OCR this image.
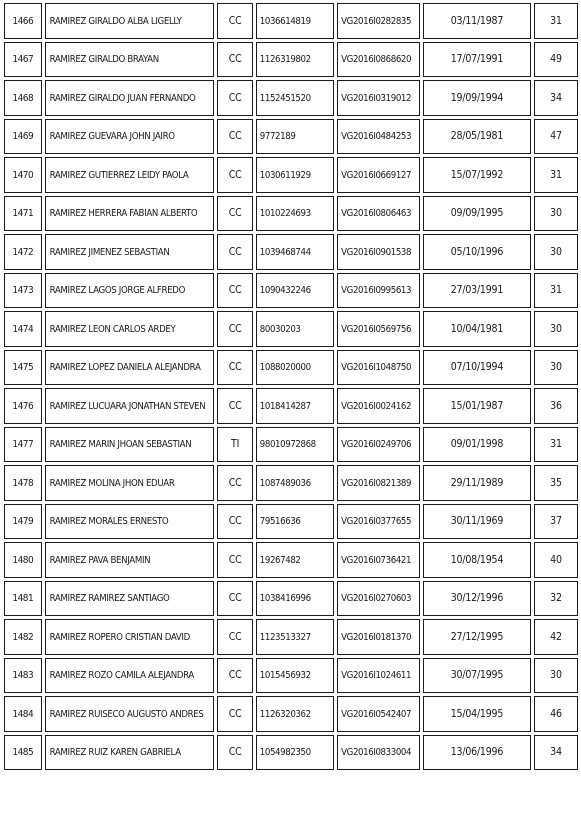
1466	RAMIREZ GIRALDO ALBA LIGELLY	CC	1036614819	VG2016I0282835	03/11/1987	31
1467	RAMIREZ GIRALDO BRAYAN	CC	1126319802	VG2016I0868620	17/07/1991	49
1468	RAMIREZ GIRALDO JUAN FERNANDO	CC	1152451520	VG2016I0319012	19/09/1994	34
1469	RAMIREZ GUEVARA JOHN JAIRO	CC	9772189	VG2016I0484253	28/05/1981	47
1470	RAMIREZ GUTIERREZ LEIDY PAOLA	CC	1030611929	VG2016I0669127	15/07/1992	31
1471	RAMIREZ HERRERA FABIAN ALBERTO	CC	1010224693	VG2016I0806463	09/09/1995	30
1472	RAMIREZ JIMENEZ SEBASTIAN	CC	1039468744	VG2016I0901538	05/10/1996	30
1473	RAMIREZ LAGOS JORGE ALFREDO	CC	1090432246	VG2016I0995613	27/03/1991	31
1474	RAMIREZ LEON CARLOS ARDEY	CC	80030203	VG2016I0569756	10/04/1981	30
1475	RAMIREZ LOPEZ DANIELA ALEJANDRA	CC	1088020000	VG2016I1048750	07/10/1994	30
1476	RAMIREZ LUCUARA JONATHAN STEVEN	CC	1018414287	VG2016I0024162	15/01/1987	36
1477	RAMIREZ MARIN JHOAN SEBASTIAN	TI	98010972868	VG2016I0249706	09/01/1998	31
1478	RAMIREZ MOLINA JHON EDUAR	CC	1087489036	VG2016I0821389	29/11/1989	35
1479	RAMIREZ MORALES ERNESTO	CC	79516636	VG2016I0377655	30/11/1969	37
1480	RAMIREZ PAVA BENJAMIN	CC	19267482	VG2016I0736421	10/08/1954	40
1481	RAMIREZ RAMIREZ SANTIAGO	CC	1038416996	VG2016I0270603	30/12/1996	32
1482	RAMIREZ ROPERO CRISTIAN DAVID	CC	1123513327	VG2016I0181370	27/12/1995	42
1483	RAMIREZ ROZO CAMILA ALEJANDRA	CC	1015456932	VG2016I1024611	30/07/1995	30
1484	RAMIREZ RUISECO AUGUSTO ANDRES	CC	1126320362	VG2016I0542407	15/04/1995	46
1485	RAMIREZ RUIZ KAREN GABRIELA	CC	1054982350	VG2016I0833004	13/06/1996	34
